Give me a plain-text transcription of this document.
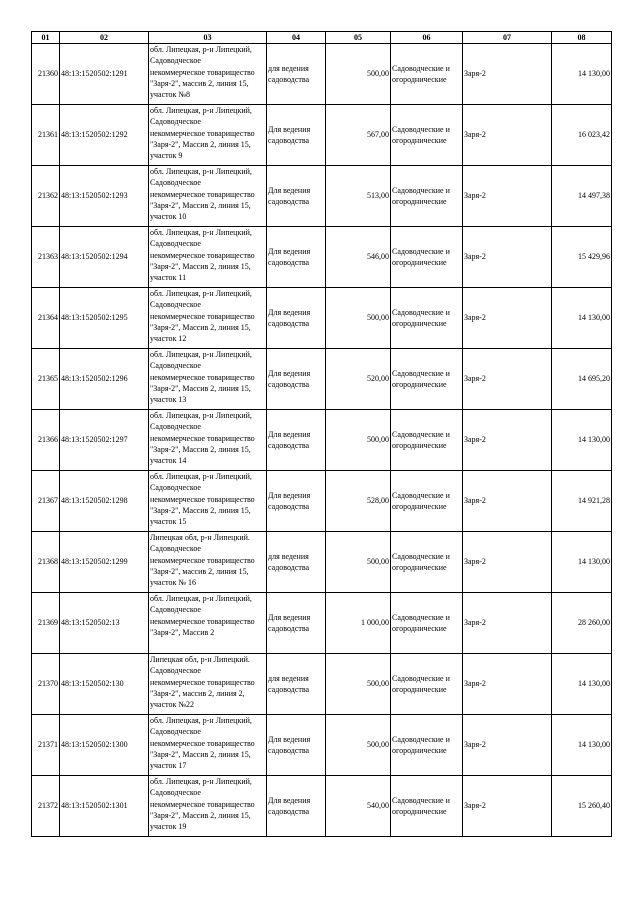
01	02	03	04	05	06	07	08
21360	48:13:1520502:1291	обл. Липецкая, р-н Липецкий,
Садоводческое
некоммерческое товарищество
"Заря-2", массив 2, линия 15,
участок №8	для ведения
садоводства	500,00	Садоводческие и
огороднические	Заря-2	14 130,00
21361	48:13:1520502:1292	обл. Липецкая, р-н Липецкий,
Садоводческое
некоммерческое товарищество
"Заря-2", Массив 2, линия 15,
участок 9	Для ведения
садоводства	567,00	Садоводческие и
огороднические	Заря-2	16 023,42
21362	48:13:1520502:1293	обл. Липецкая, р-н Липецкий,
Садоводческое
некоммерческое товарищество
"Заря-2", Массив 2, линия 15,
участок 10	Для ведения
садоводства	513,00	Садоводческие и
огороднические	Заря-2	14 497,38
21363	48:13:1520502:1294	обл. Липецкая, р-н Липецкий,
Садоводческое
некоммерческое товарищество
"Заря-2", Массив 2, линия 15,
участок 11	Для ведения
садоводства	546,00	Садоводческие и
огороднические	Заря-2	15 429,96
21364	48:13:1520502:1295	обл. Липецкая, р-н Липецкий,
Садоводческое
некоммерческое товарищество
"Заря-2", Массив 2, линия 15,
участок 12	Для ведения
садоводства	500,00	Садоводческие и
огороднические	Заря-2	14 130,00
21365	48:13:1520502:1296	обл. Липецкая, р-н Липецкий,
Садоводческое
некоммерческое товарищество
"Заря-2", Массив 2, линия 15,
участок 13	Для ведения
садоводства	520,00	Садоводческие и
огороднические	Заря-2	14 695,20
21366	48:13:1520502:1297	обл. Липецкая, р-н Липецкий,
Садоводческое
некоммерческое товарищество
"Заря-2", Массив 2, линия 15,
участок 14	Для ведения
садоводства	500,00	Садоводческие и
огороднические	Заря-2	14 130,00
21367	48:13:1520502:1298	обл. Липецкая, р-н Липецкий,
Садоводческое
некоммерческое товарищество
"Заря-2", Массив 2, линия 15,
участок 15	Для ведения
садоводства	528,00	Садоводческие и
огороднические	Заря-2	14 921,28
21368	48:13:1520502:1299	Липецкая обл, р-н Липецкий.
Садоводческое
некоммерческое товарищество
"Заря-2", массив 2, линия 15,
участок № 16	для ведения
садоводства	500,00	Садоводческие и
огороднические	Заря-2	14 130,00
21369	48:13:1520502:13	обл. Липецкая, р-н Липецкий,
Садоводческое
некоммерческое товарищество
"Заря-2", Массив 2	Для ведения
садоводства	1 000,00	Садоводческие и
огороднические	Заря-2	28 260,00
21370	48:13:1520502:130	Липецкая обл, р-н Липецкий.
Садоводческое
некоммерческое товарищество
"Заря-2", массив 2, линия 2,
участок №22	для ведения
садоводства	500,00	Садоводческие и
огороднические	Заря-2	14 130,00
21371	48:13:1520502:1300	обл. Липецкая, р-н Липецкий,
Садоводческое
некоммерческое товарищество
"Заря-2", Массив 2, линия 15,
участок 17	Для ведения
садоводства	500,00	Садоводческие и
огороднические	Заря-2	14 130,00
21372	48:13:1520502:1301	обл. Липецкая, р-н Липецкий,
Садоводческое
некоммерческое товарищество
"Заря-2", Массив 2, линия 15,
участок 19	Для ведения
садоводства	540,00	Садоводческие и
огороднические	Заря-2	15 260,40
